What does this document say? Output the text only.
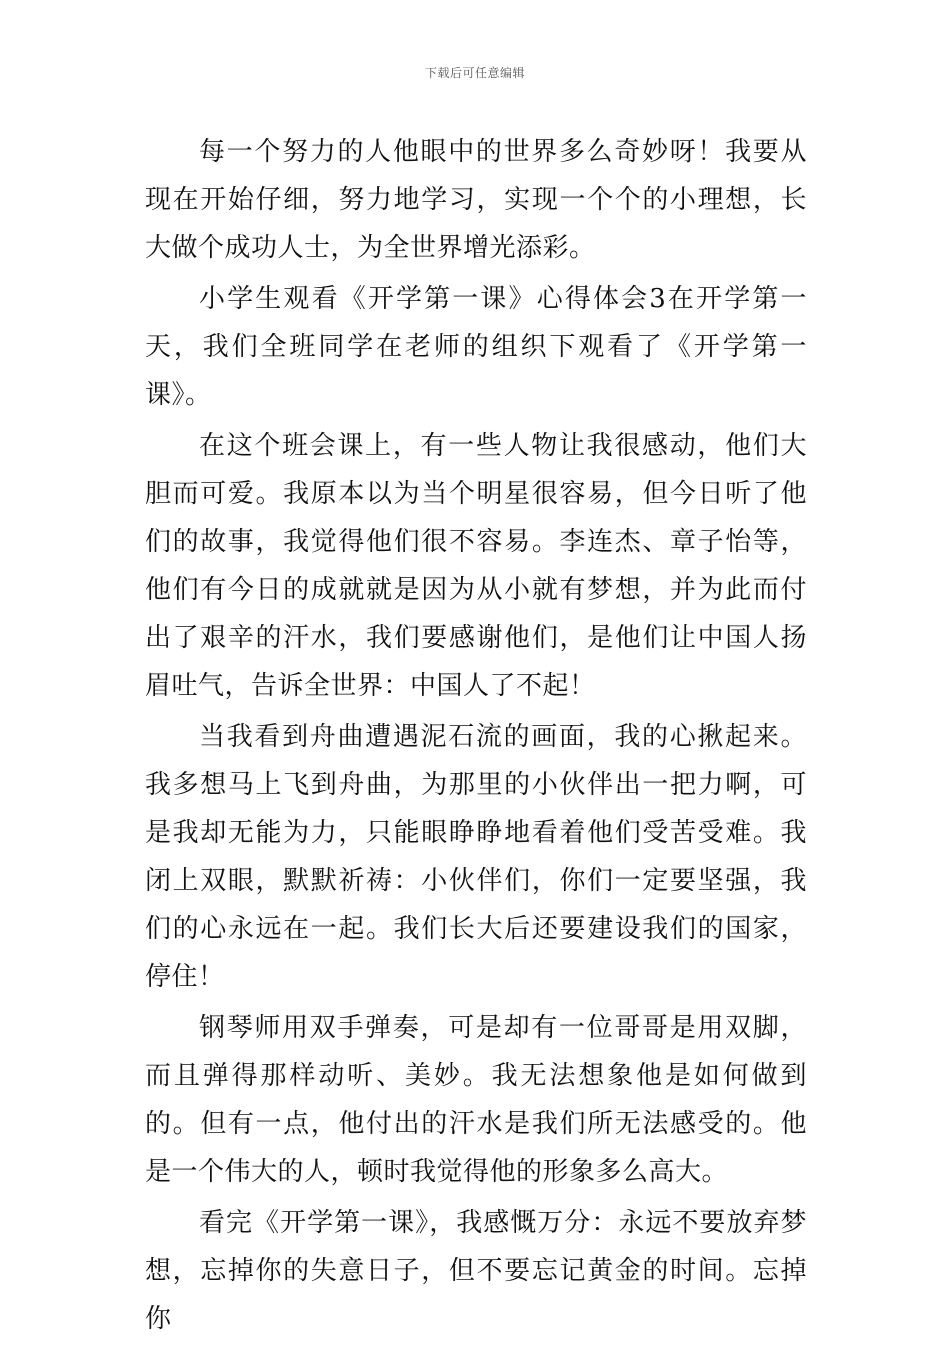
下载后可任意编辑

每一个努力的人他眼中的世界多么奇妙呀！我要从现在开始仔细，努力地学习，实现一个个的小理想，长大做个成功人士，为全世界增光添彩。

小学生观看《开学第一课》心得体会3在开学第一天，我们全班同学在老师的组织下观看了《开学第一课》。

在这个班会课上，有一些人物让我很感动，他们大胆而可爱。我原本以为当个明星很容易，但今日听了他们的故事，我觉得他们很不容易。李连杰、章子怡等，他们有今日的成就就是因为从小就有梦想，并为此而付出了艰辛的汗水，我们要感谢他们，是他们让中国人扬眉吐气，告诉全世界：中国人了不起！

当我看到舟曲遭遇泥石流的画面，我的心揪起来。我多想马上飞到舟曲，为那里的小伙伴出一把力啊，可是我却无能为力，只能眼睁睁地看着他们受苦受难。我闭上双眼，默默祈祷：小伙伴们，你们一定要坚强，我们的心永远在一起。我们长大后还要建设我们的国家，停住！

钢琴师用双手弹奏，可是却有一位哥哥是用双脚，而且弹得那样动听、美妙。我无法想象他是如何做到的。但有一点，他付出的汗水是我们所无法感受的。他是一个伟大的人，顿时我觉得他的形象多么高大。

看完《开学第一课》，我感慨万分：永远不要放弃梦想，忘掉你的失意日子，但不要忘记黄金的时间。忘掉你
